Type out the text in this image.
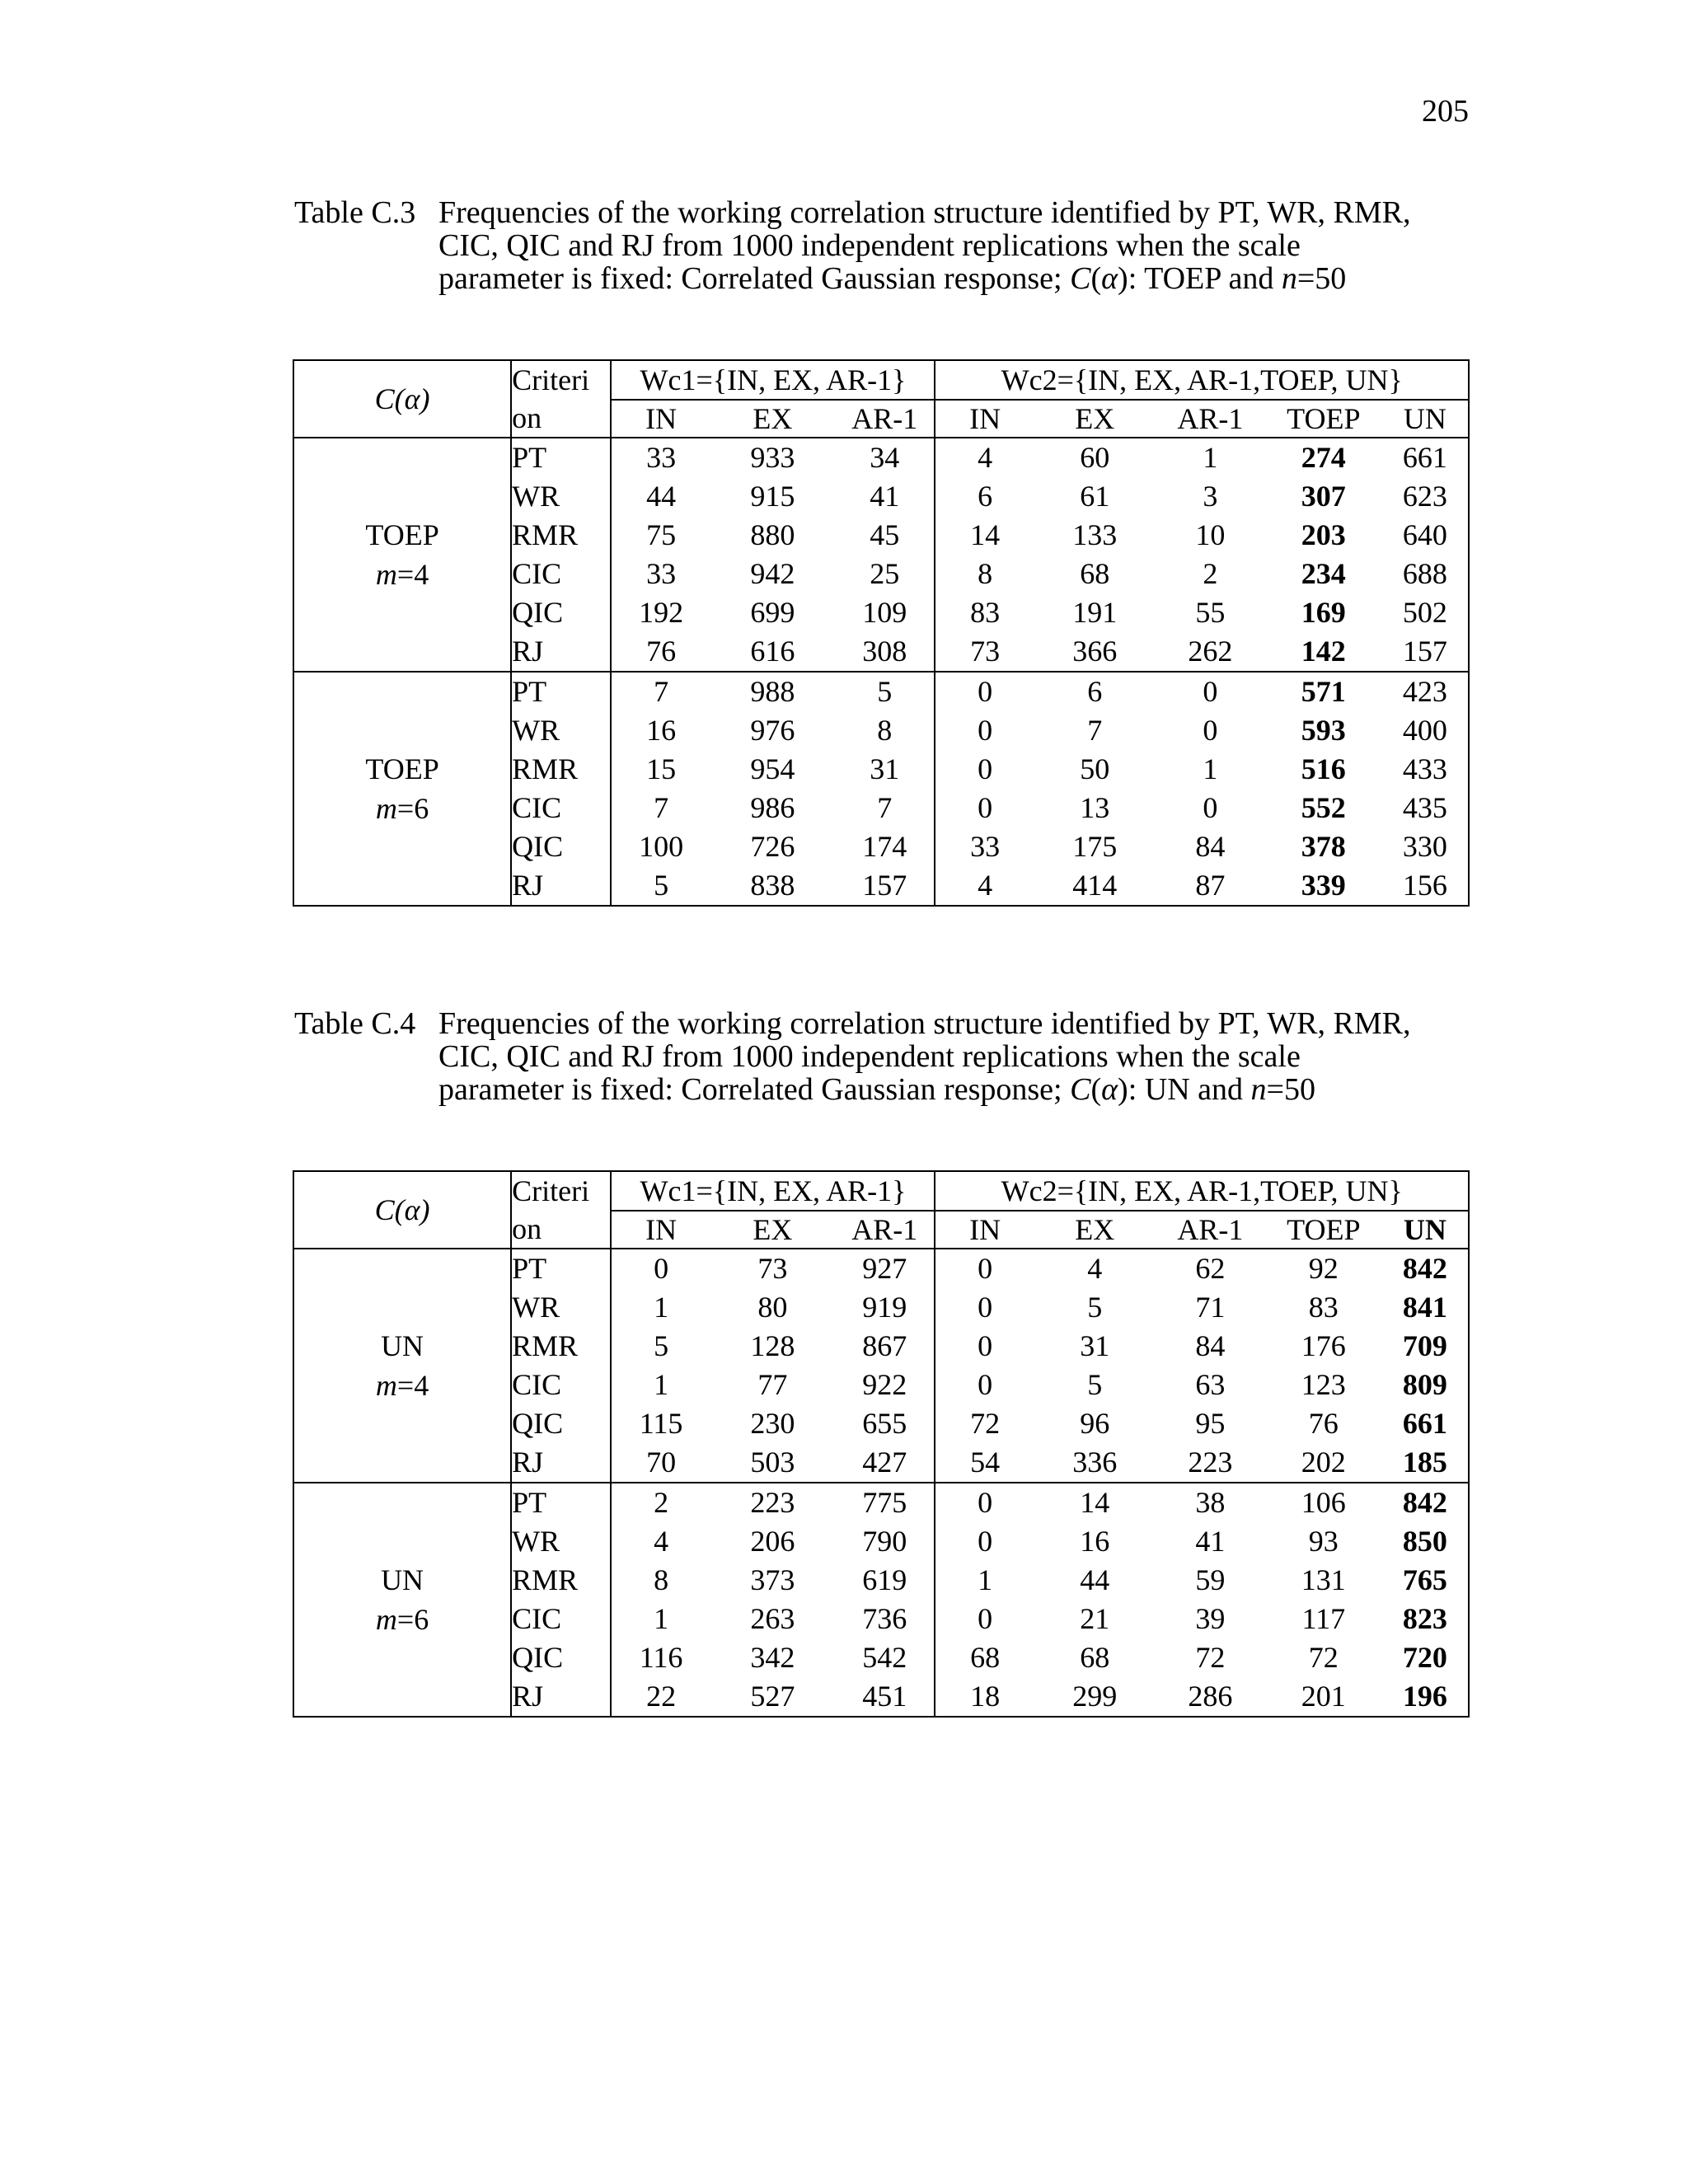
205
Table C.3 Frequencies of the working correlation structure identified by PT, WR, RMR,
CIC, QIC and RJ from 1000 independent replications when the scale
parameter is fixed: Correlated Gaussian response; C(α): TOEP and n=50
C(α)	Criteri
on	Wc1={IN, EX, AR-1}			Wc2={IN, EX, AR-1,TOEP, UN}				
		IN	EX	AR-1	IN	EX	AR-1	TOEP	UN

TOEP
m=4	PT	33	933	34	4	60	1	274	661
	WR	44	915	41	6	61	3	307	623
	RMR	75	880	45	14	133	10	203	640
	CIC	33	942	25	8	68	2	234	688
	QIC	192	699	109	83	191	55	169	502
	RJ	76	616	308	73	366	262	142	157

TOEP
m=6	PT	7	988	5	0	6	0	571	423
	WR	16	976	8	0	7	0	593	400
	RMR	15	954	31	0	50	1	516	433
	CIC	7	986	7	0	13	0	552	435
	QIC	100	726	174	33	175	84	378	330
	RJ	5	838	157	4	414	87	339	156
Table C.4 Frequencies of the working correlation structure identified by PT, WR, RMR,
CIC, QIC and RJ from 1000 independent replications when the scale
parameter is fixed: Correlated Gaussian response; C(α): UN and n=50
C(α)	Criteri
on	Wc1={IN, EX, AR-1}			Wc2={IN, EX, AR-1,TOEP, UN}				
		IN	EX	AR-1	IN	EX	AR-1	TOEP	UN

UN
m=4	PT	0	73	927	0	4	62	92	842
	WR	1	80	919	0	5	71	83	841
	RMR	5	128	867	0	31	84	176	709
	CIC	1	77	922	0	5	63	123	809
	QIC	115	230	655	72	96	95	76	661
	RJ	70	503	427	54	336	223	202	185

UN
m=6	PT	2	223	775	0	14	38	106	842
	WR	4	206	790	0	16	41	93	850
	RMR	8	373	619	1	44	59	131	765
	CIC	1	263	736	0	21	39	117	823
	QIC	116	342	542	68	68	72	72	720
	RJ	22	527	451	18	299	286	201	196
